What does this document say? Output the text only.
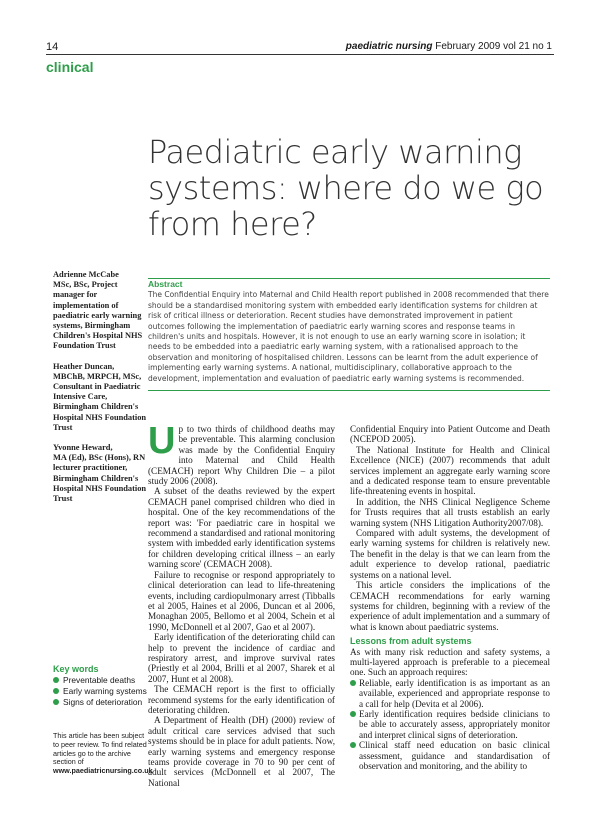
14	paediatric nursing February 2009 vol 21 no 1
clinical
Paediatric early warning systems: where do we go from here?
Adrienne McCabe
MSc, BSc, Project manager for implementation of paediatric early warning systems, Birmingham Children's Hospital NHS Foundation Trust
Heather Duncan,
MBChB, MRPCH, MSc, Consultant in Paediatric Intensive Care, Birmingham Children's Hospital NHS Foundation Trust
Yvonne Heward,
MA (Ed), BSc (Hons), RN lecturer practitioner, Birmingham Children's Hospital NHS Foundation Trust
Abstract
The Confidential Enquiry into Maternal and Child Health report published in 2008 recommended that there should be a standardised monitoring system with embedded early identification systems for children at risk of critical illness or deterioration. Recent studies have demonstrated improvement in patient outcomes following the implementation of paediatric early warning scores and response teams in children's units and hospitals. However, it is not enough to use an early warning score in isolation; it needs to be embedded into a paediatric early warning system, with a rationalised approach to the observation and monitoring of hospitalised children. Lessons can be learnt from the adult experience of implementing early warning systems. A national, multidisciplinary, collaborative approach to the development, implementation and evaluation of paediatric early warning systems is recommended.

Up to two thirds of childhood deaths may be preventable. This alarming conclusion was made by the Confidential Enquiry into Maternal and Child Health (CEMACH) report Why Children Die – a pilot study 2006 (2008).

A subset of the deaths reviewed by the expert CEMACH panel comprised children who died in hospital. One of the key recommendations of the report was: 'For paediatric care in hospital we recommend a standardised and rational monitoring system with imbedded early identification systems for children developing critical illness – an early warning score' (CEMACH 2008).

Failure to recognise or respond appropriately to clinical deterioration can lead to life-threatening events, including cardiopulmonary arrest (Tibballs et al 2005, Haines et al 2006, Duncan et al 2006, Monaghan 2005, Bellomo et al 2004, Schein et al 1990, McDonnell et al 2007, Gao et al 2007).

Early identification of the deteriorating child can help to prevent the incidence of cardiac and respiratory arrest, and improve survival rates (Priestly et al 2004, Brilli et al 2007, Sharek et al 2007, Hunt et al 2008).

The CEMACH report is the first to officially recommend systems for the early identification of deteriorating children.

A Department of Health (DH) (2000) review of adult critical care services advised that such systems should be in place for adult patients. Now, early warning systems and emergency response teams provide coverage in 70 to 90 per cent of adult services (McDonnell et al 2007, The National

Confidential Enquiry into Patient Outcome and Death (NCEPOD 2005).

The National Institute for Health and Clinical Excellence (NICE) (2007) recommends that adult services implement an aggregate early warning score and a dedicated response team to ensure preventable life-threatening events in hospital.

In addition, the NHS Clinical Negligence Scheme for Trusts requires that all trusts establish an early warning system (NHS Litigation Authority2007/08).

Compared with adult systems, the development of early warning systems for children is relatively new. The benefit in the delay is that we can learn from the adult experience to develop rational, paediatric systems on a national level.

This article considers the implications of the CEMACH recommendations for early warning systems for children, beginning with a review of the experience of adult implementation and a summary of what is known about paediatric systems.

Lessons from adult systems

As with many risk reduction and safety systems, a multi-layered approach is preferable to a piecemeal one. Such an approach requires:

Reliable, early identification is as important as an available, experienced and appropriate response to a call for help (Devita et al 2006).

Early identification requires bedside clinicians to be able to accurately assess, appropriately monitor and interpret clinical signs of deterioration.

Clinical staff need education on basic clinical assessment, guidance and standardisation of observation and monitoring, and the ability to

Key words
Preventable deaths
Early warning systems
Signs of deterioration
This article has been subject to peer review. To find related articles go to the archive section of www.paediatricnursing.co.uk
